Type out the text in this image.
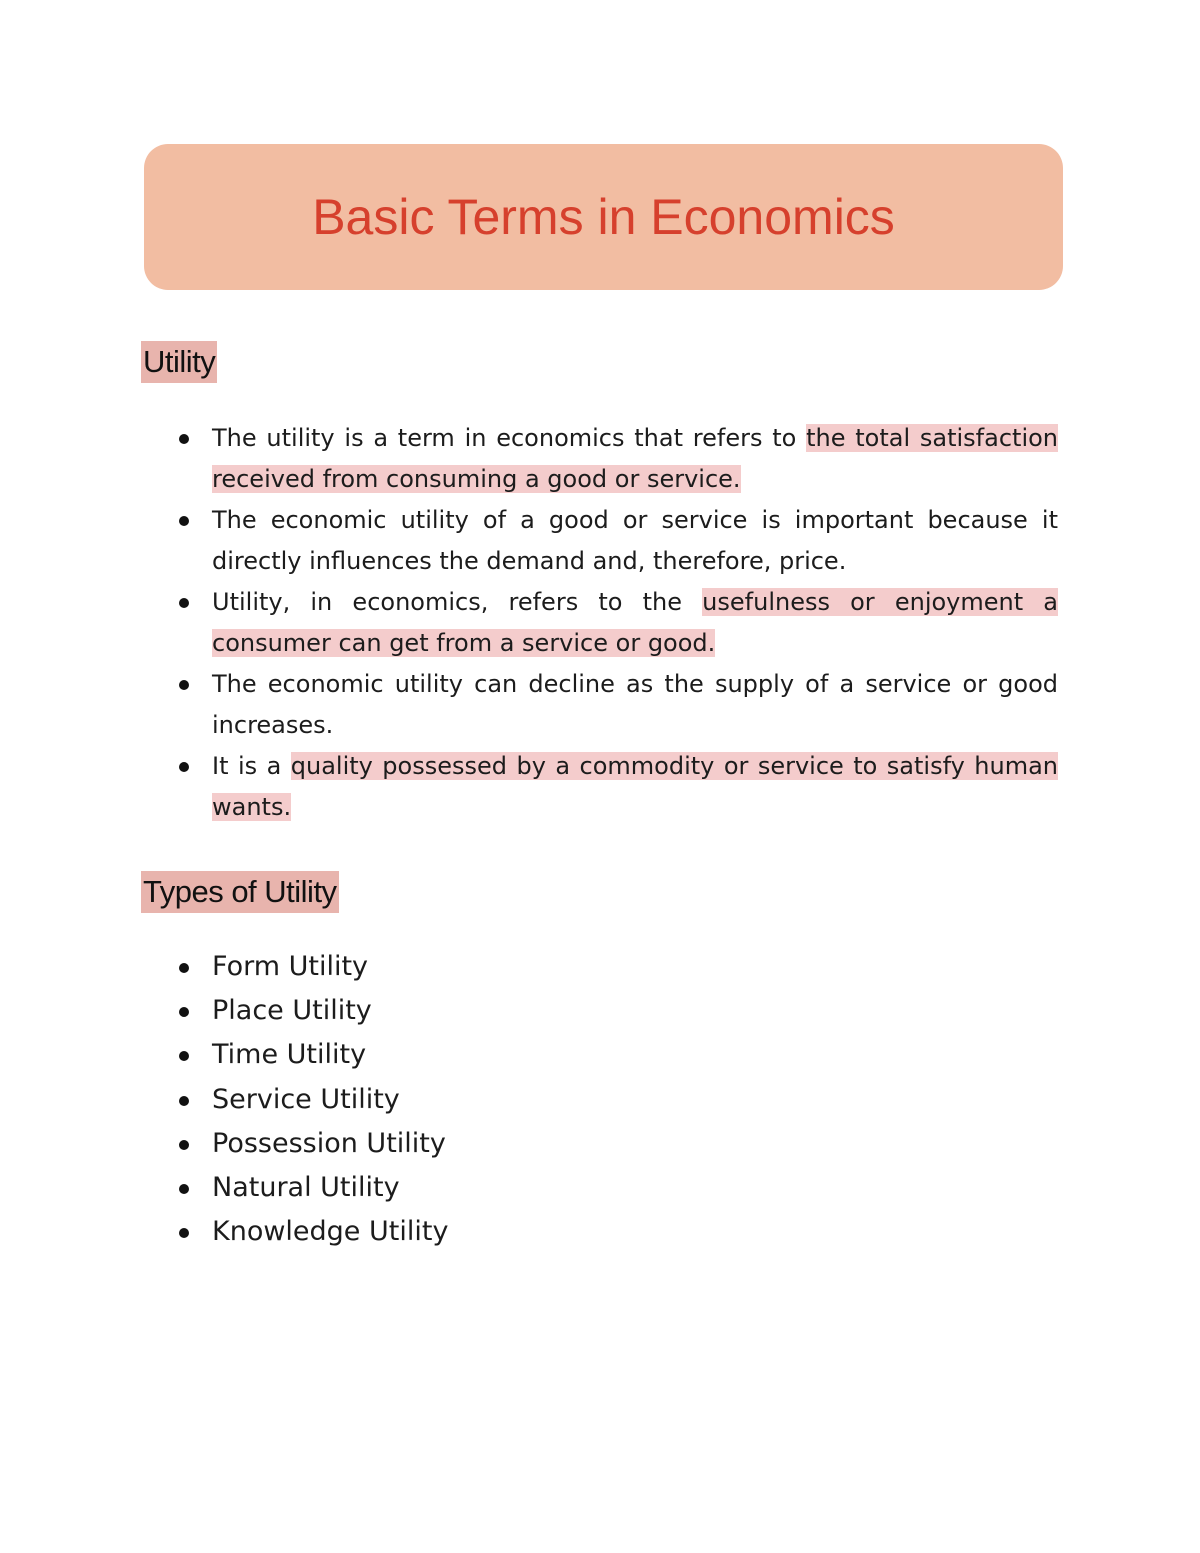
Basic Terms in Economics
Utility
The utility is a term in economics that refers to the total satisfaction received from consuming a good or service.
The economic utility of a good or service is important because it directly influences the demand and, therefore, price.
Utility, in economics, refers to the usefulness or enjoyment a consumer can get from a service or good.
The economic utility can decline as the supply of a service or good increases.
It is a quality possessed by a commodity or service to satisfy human wants.
Types of Utility
Form Utility
Place Utility
Time Utility
Service Utility
Possession Utility
Natural Utility
Knowledge Utility
